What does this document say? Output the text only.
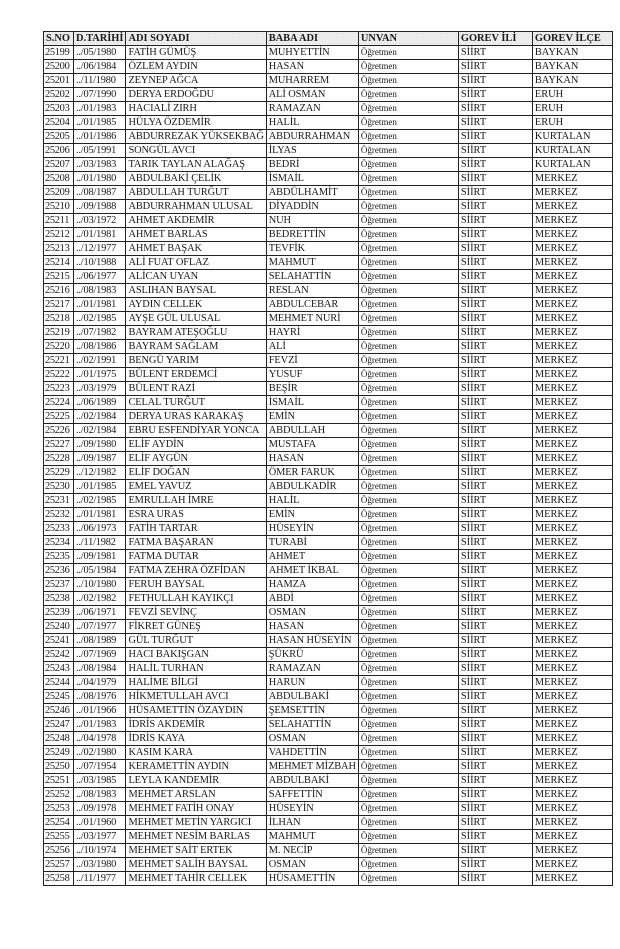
S.NO	D.TARİHİ	ADI SOYADI	BABA ADI	UNVAN	GOREV İLİ	GOREV İLÇE
25199	../05/1980	FATİH GÜMÜŞ	MUHYETTİN	Öğretmen	SİİRT	BAYKAN
25200	../06/1984	ÖZLEM AYDIN	HASAN	Öğretmen	SİİRT	BAYKAN
25201	../11/1980	ZEYNEP AĞCA	MUHARREM	Öğretmen	SİİRT	BAYKAN
25202	../07/1990	DERYA ERDOĞDU	ALİ OSMAN	Öğretmen	SİİRT	ERUH
25203	../01/1983	HACIALİ ZIRH	RAMAZAN	Öğretmen	SİİRT	ERUH
25204	../01/1985	HÜLYA ÖZDEMİR	HALİL	Öğretmen	SİİRT	ERUH
25205	../01/1986	ABDURREZAK YÜKSEKBAĞ	ABDURRAHMAN	Öğretmen	SİİRT	KURTALAN
25206	../05/1991	SONGÜL AVCI	İLYAS	Öğretmen	SİİRT	KURTALAN
25207	../03/1983	TARIK TAYLAN ALAĞAŞ	BEDRİ	Öğretmen	SİİRT	KURTALAN
25208	../01/1980	ABDULBAKİ ÇELİK	İSMAİL	Öğretmen	SİİRT	MERKEZ
25209	../08/1987	ABDULLAH TURĞUT	ABDÜLHAMİT	Öğretmen	SİİRT	MERKEZ
25210	../09/1988	ABDURRAHMAN ULUSAL	DİYADDİN	Öğretmen	SİİRT	MERKEZ
25211	../03/1972	AHMET AKDEMİR	NUH	Öğretmen	SİİRT	MERKEZ
25212	../01/1981	AHMET BARLAS	BEDRETTİN	Öğretmen	SİİRT	MERKEZ
25213	../12/1977	AHMET BAŞAK	TEVFİK	Öğretmen	SİİRT	MERKEZ
25214	../10/1988	ALİ FUAT OFLAZ	MAHMUT	Öğretmen	SİİRT	MERKEZ
25215	../06/1977	ALİCAN UYAN	SELAHATTİN	Öğretmen	SİİRT	MERKEZ
25216	../08/1983	ASLIHAN BAYSAL	RESLAN	Öğretmen	SİİRT	MERKEZ
25217	../01/1981	AYDIN CELLEK	ABDULCEBAR	Öğretmen	SİİRT	MERKEZ
25218	../02/1985	AYŞE GÜL ULUSAL	MEHMET NURİ	Öğretmen	SİİRT	MERKEZ
25219	../07/1982	BAYRAM ATEŞOĞLU	HAYRİ	Öğretmen	SİİRT	MERKEZ
25220	../08/1986	BAYRAM SAĞLAM	ALİ	Öğretmen	SİİRT	MERKEZ
25221	../02/1991	BENGÜ YARIM	FEVZİ	Öğretmen	SİİRT	MERKEZ
25222	../01/1975	BÜLENT ERDEMCİ	YUSUF	Öğretmen	SİİRT	MERKEZ
25223	../03/1979	BÜLENT RAZİ	BEŞİR	Öğretmen	SİİRT	MERKEZ
25224	../06/1989	CELAL TURĞUT	İSMAİL	Öğretmen	SİİRT	MERKEZ
25225	../02/1984	DERYA URAS KARAKAŞ	EMİN	Öğretmen	SİİRT	MERKEZ
25226	../02/1984	EBRU ESFENDİYAR YONCA	ABDULLAH	Öğretmen	SİİRT	MERKEZ
25227	../09/1980	ELİF AYDİN	MUSTAFA	Öğretmen	SİİRT	MERKEZ
25228	../09/1987	ELİF AYGÜN	HASAN	Öğretmen	SİİRT	MERKEZ
25229	../12/1982	ELİF DOĞAN	ÖMER FARUK	Öğretmen	SİİRT	MERKEZ
25230	../01/1985	EMEL YAVUZ	ABDULKADİR	Öğretmen	SİİRT	MERKEZ
25231	../02/1985	EMRULLAH İMRE	HALİL	Öğretmen	SİİRT	MERKEZ
25232	../01/1981	ESRA URAS	EMİN	Öğretmen	SİİRT	MERKEZ
25233	../06/1973	FATİH TARTAR	HÜSEYİN	Öğretmen	SİİRT	MERKEZ
25234	../11/1982	FATMA BAŞARAN	TURABİ	Öğretmen	SİİRT	MERKEZ
25235	../09/1981	FATMA DUTAR	AHMET	Öğretmen	SİİRT	MERKEZ
25236	../05/1984	FATMA ZEHRA ÖZFİDAN	AHMET İKBAL	Öğretmen	SİİRT	MERKEZ
25237	../10/1980	FERUH BAYSAL	HAMZA	Öğretmen	SİİRT	MERKEZ
25238	../02/1982	FETHULLAH KAYIKÇI	ABDİ	Öğretmen	SİİRT	MERKEZ
25239	../06/1971	FEVZİ SEVİNÇ	OSMAN	Öğretmen	SİİRT	MERKEZ
25240	../07/1977	FİKRET GÜNEŞ	HASAN	Öğretmen	SİİRT	MERKEZ
25241	../08/1989	GÜL TURĞUT	HASAN HÜSEYİN	Öğretmen	SİİRT	MERKEZ
25242	../07/1969	HACI BAKIŞGAN	ŞÜKRÜ	Öğretmen	SİİRT	MERKEZ
25243	../08/1984	HALİL TURHAN	RAMAZAN	Öğretmen	SİİRT	MERKEZ
25244	../04/1979	HALİME BİLGİ	HARUN	Öğretmen	SİİRT	MERKEZ
25245	../08/1976	HİKMETULLAH AVCI	ABDULBAKİ	Öğretmen	SİİRT	MERKEZ
25246	../01/1966	HÜSAMETTİN ÖZAYDIN	ŞEMSETTİN	Öğretmen	SİİRT	MERKEZ
25247	../01/1983	İDRİS AKDEMİR	SELAHATTİN	Öğretmen	SİİRT	MERKEZ
25248	../04/1978	İDRİS KAYA	OSMAN	Öğretmen	SİİRT	MERKEZ
25249	../02/1980	KASIM KARA	VAHDETTİN	Öğretmen	SİİRT	MERKEZ
25250	../07/1954	KERAMETTİN AYDIN	MEHMET MİZBAH	Öğretmen	SİİRT	MERKEZ
25251	../03/1985	LEYLA KANDEMİR	ABDULBAKİ	Öğretmen	SİİRT	MERKEZ
25252	../08/1983	MEHMET ARSLAN	SAFFETTİN	Öğretmen	SİİRT	MERKEZ
25253	../09/1978	MEHMET FATİH ONAY	HÜSEYİN	Öğretmen	SİİRT	MERKEZ
25254	../01/1960	MEHMET METİN YARGICI	İLHAN	Öğretmen	SİİRT	MERKEZ
25255	../03/1977	MEHMET NESİM BARLAS	MAHMUT	Öğretmen	SİİRT	MERKEZ
25256	../10/1974	MEHMET SAİT ERTEK	M. NECİP	Öğretmen	SİİRT	MERKEZ
25257	../03/1980	MEHMET SALİH BAYSAL	OSMAN	Öğretmen	SİİRT	MERKEZ
25258	../11/1977	MEHMET TAHİR CELLEK	HÜSAMETTİN	Öğretmen	SİİRT	MERKEZ
